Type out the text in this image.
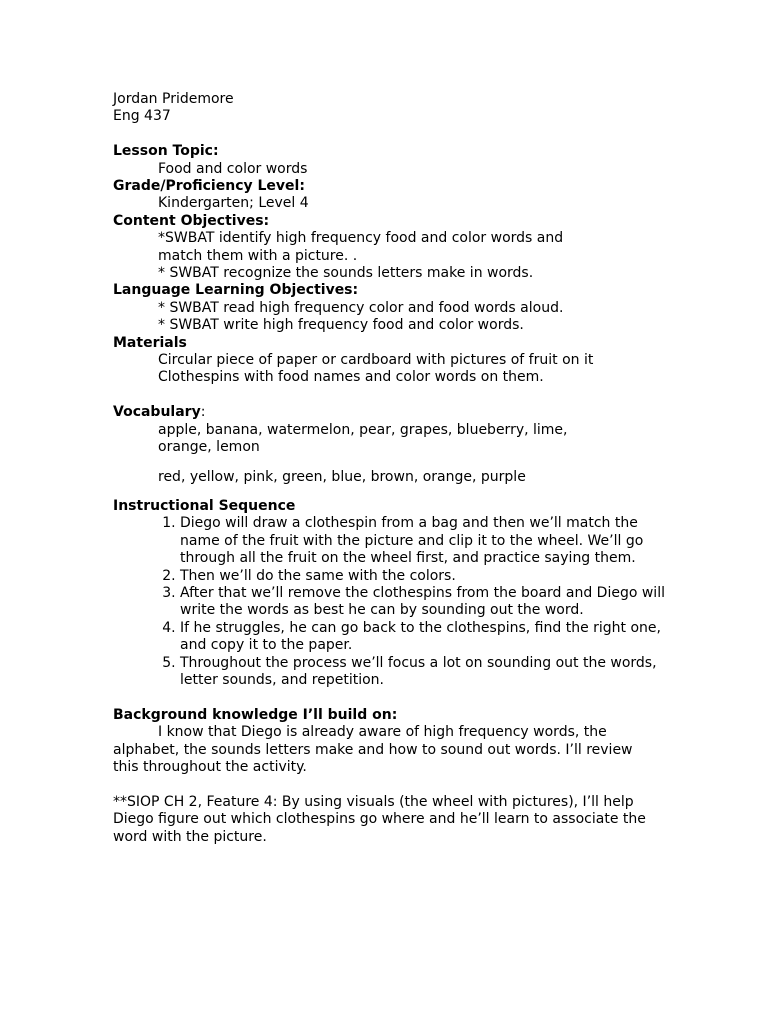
Jordan Pridemore
Eng 437
Lesson Topic:
Food and color words
Grade/Proficiency Level:
Kindergarten; Level 4
Content Objectives:
*SWBAT identify high frequency food and color words and
match them with a picture. .
* SWBAT recognize the sounds letters make in words.
Language Learning Objectives:
* SWBAT read high frequency color and food words aloud.
* SWBAT write high frequency food and color words.
Materials
Circular piece of paper or cardboard with pictures of fruit on it
Clothespins with food names and color words on them.
Vocabulary:
apple, banana, watermelon, pear, grapes, blueberry, lime,
orange, lemon
red, yellow, pink, green, blue, brown, orange, purple
Instructional Sequence
1. Diego will draw a clothespin from a bag and then we’ll match the name of the fruit with the picture and clip it to the wheel. We’ll go through all the fruit on the wheel first, and practice saying them.
2. Then we’ll do the same with the colors.
3. After that we’ll remove the clothespins from the board and Diego will write the words as best he can by sounding out the word.
4. If he struggles, he can go back to the clothespins, find the right one, and copy it to the paper.
5. Throughout the process we’ll focus a lot on sounding out the words, letter sounds, and repetition.
Background knowledge I’ll build on:
I know that Diego is already aware of high frequency words, the alphabet, the sounds letters make and how to sound out words. I’ll review this throughout the activity.
**SIOP CH 2, Feature 4: By using visuals (the wheel with pictures), I’ll help Diego figure out which clothespins go where and he’ll learn to associate the word with the picture.
